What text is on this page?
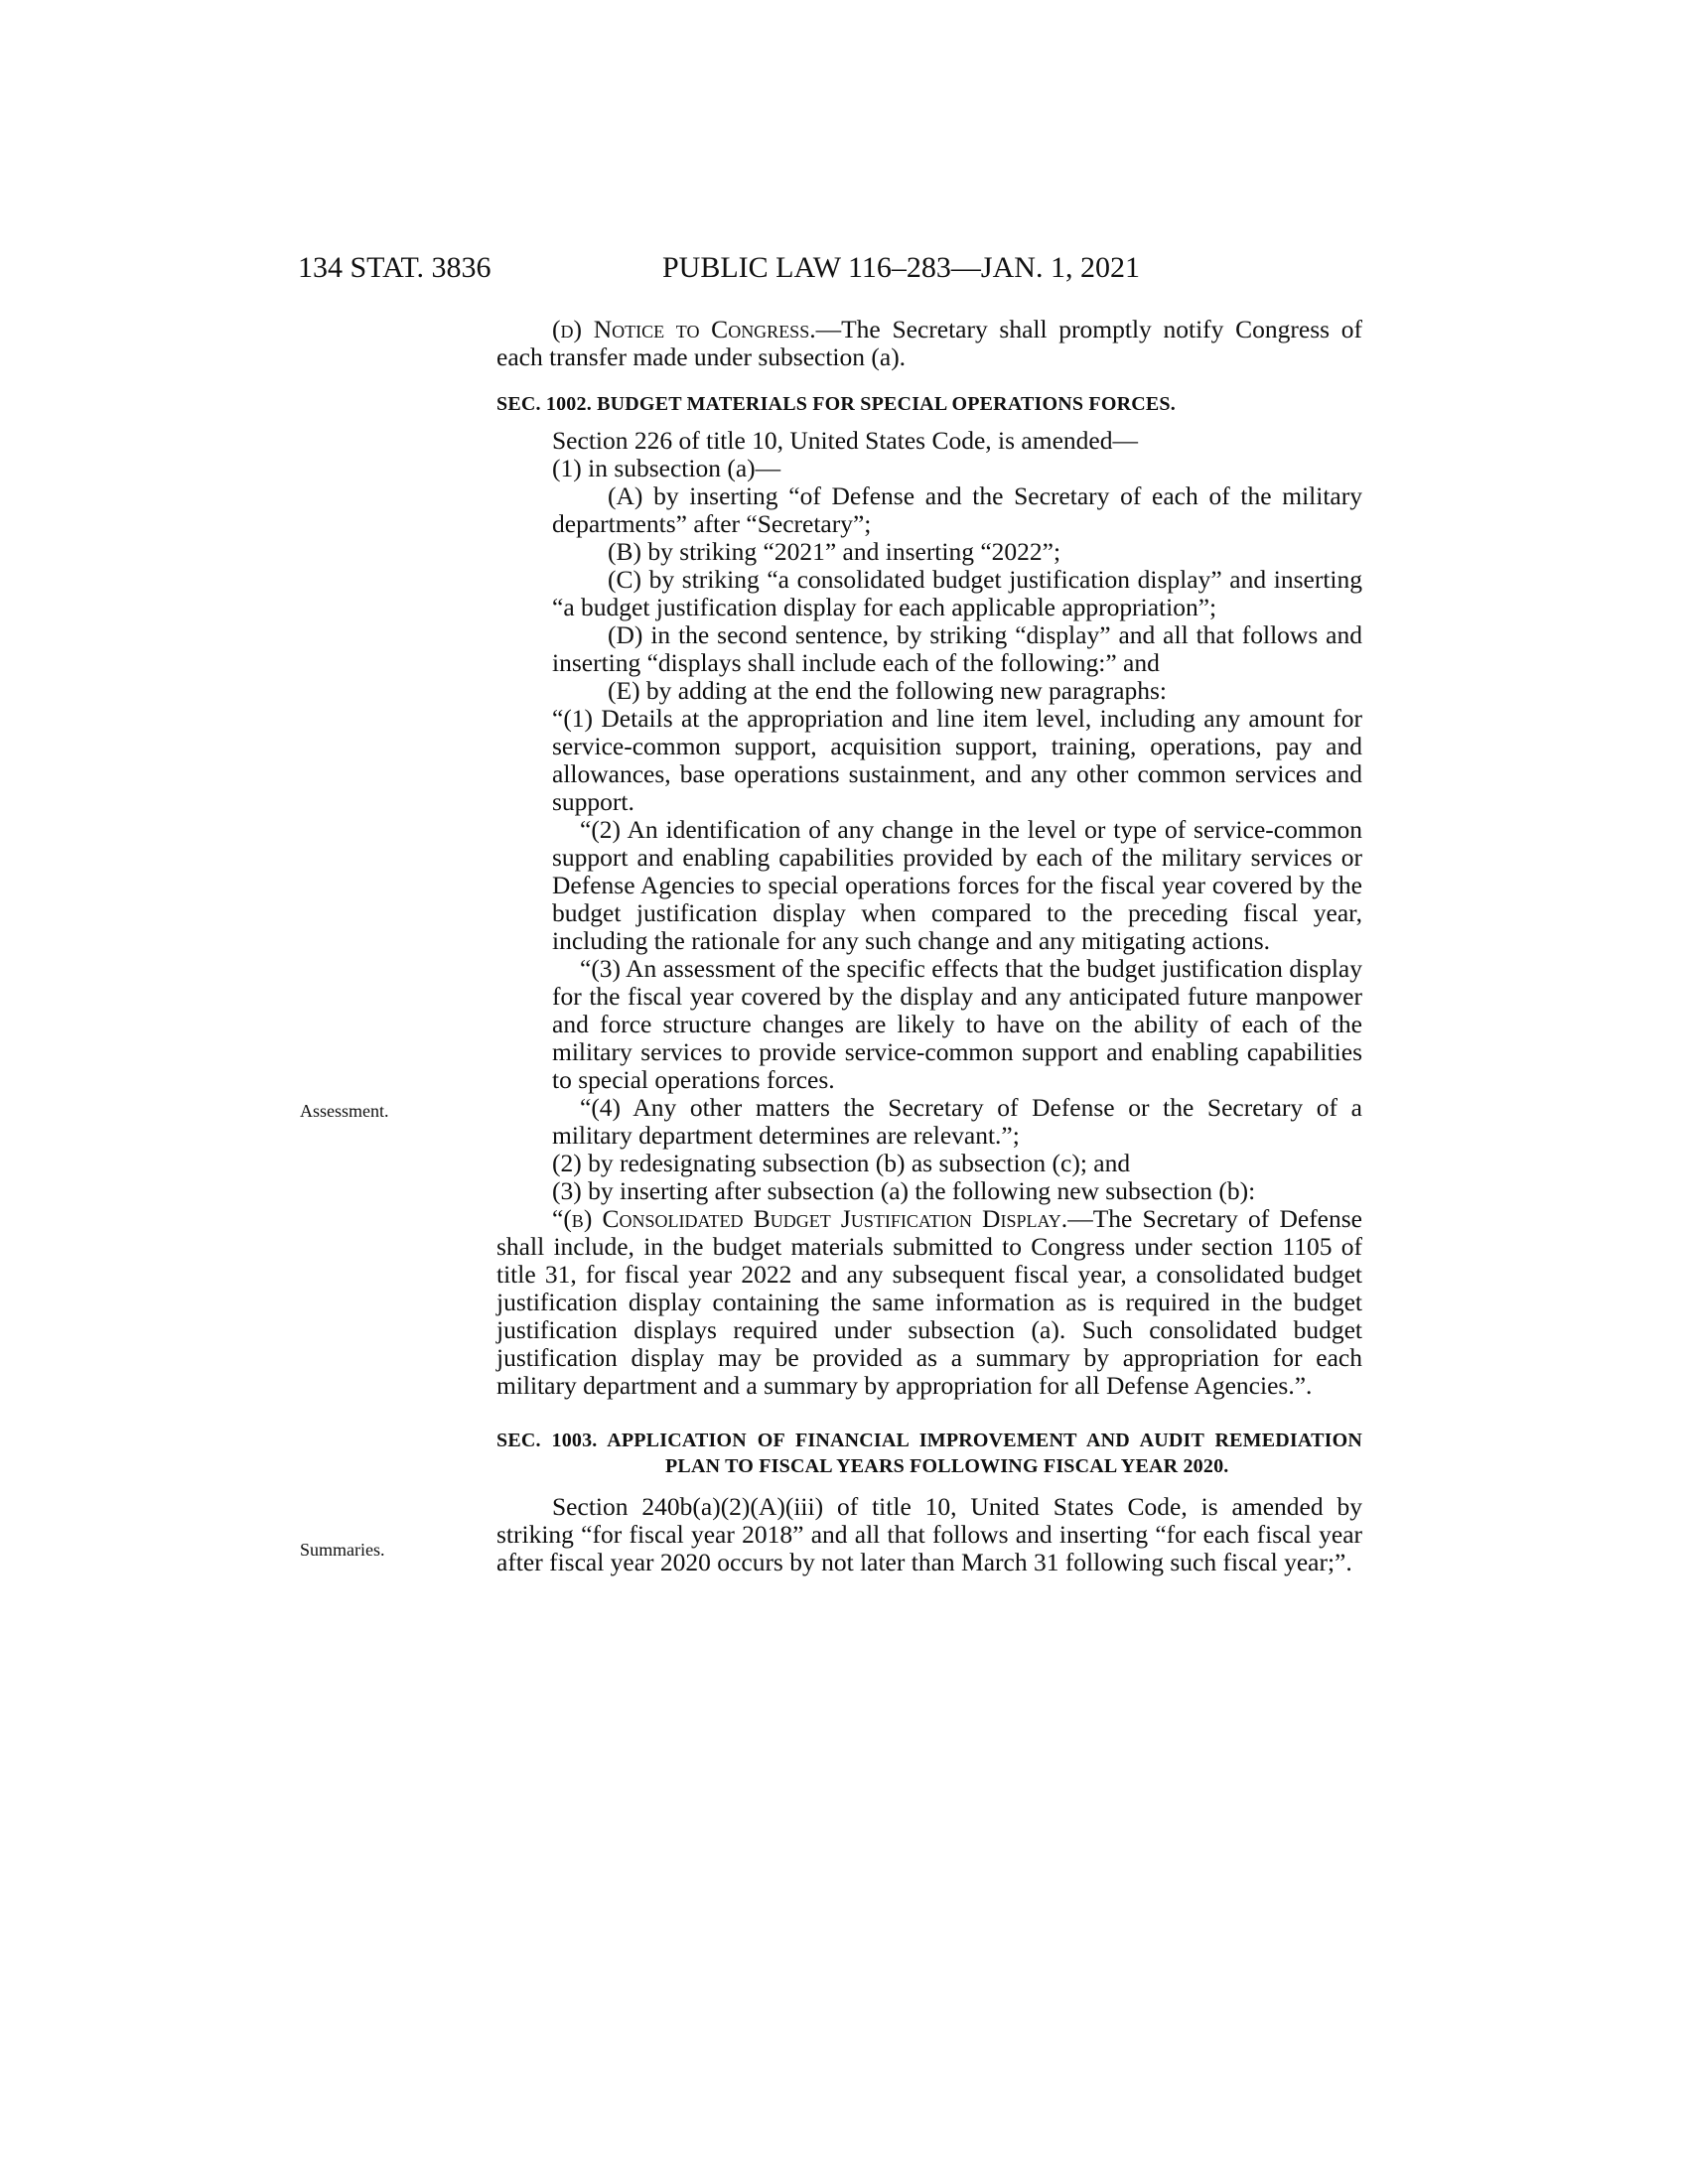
134 STAT. 3836	PUBLIC LAW 116–283—JAN. 1, 2021
Assessment.
Summaries.

(d) Notice to Congress.—The Secretary shall promptly notify Congress of each transfer made under subsection (a).

SEC. 1002. BUDGET MATERIALS FOR SPECIAL OPERATIONS FORCES.

Section 226 of title 10, United States Code, is amended—

(1) in subsection (a)—

(A) by inserting “of Defense and the Secretary of each of the military departments” after “Secretary”;

(B) by striking “2021” and inserting “2022”;

(C) by striking “a consolidated budget justification display” and inserting “a budget justification display for each applicable appropriation”;

(D) in the second sentence, by striking “display” and all that follows and inserting “displays shall include each of the following:” and

(E) by adding at the end the following new paragraphs:

“(1) Details at the appropriation and line item level, including any amount for service-common support, acquisition support, training, operations, pay and allowances, base operations sustainment, and any other common services and support.

“(2) An identification of any change in the level or type of service-common support and enabling capabilities provided by each of the military services or Defense Agencies to special operations forces for the fiscal year covered by the budget justification display when compared to the preceding fiscal year, including the rationale for any such change and any mitigating actions.

“(3) An assessment of the specific effects that the budget justification display for the fiscal year covered by the display and any anticipated future manpower and force structure changes are likely to have on the ability of each of the military services to provide service-common support and enabling capabilities to special operations forces.

“(4) Any other matters the Secretary of Defense or the Secretary of a military department determines are relevant.”;

(2) by redesignating subsection (b) as subsection (c); and

(3) by inserting after subsection (a) the following new subsection (b):

“(b) Consolidated Budget Justification Display.—The Secretary of Defense shall include, in the budget materials submitted to Congress under section 1105 of title 31, for fiscal year 2022 and any subsequent fiscal year, a consolidated budget justification display containing the same information as is required in the budget justification displays required under subsection (a). Such consolidated budget justification display may be provided as a summary by appropriation for each military department and a summary by appropriation for all Defense Agencies.”.

SEC. 1003. APPLICATION OF FINANCIAL IMPROVEMENT AND AUDIT REMEDIATION PLAN TO FISCAL YEARS FOLLOWING FISCAL YEAR 2020.

Section 240b(a)(2)(A)(iii) of title 10, United States Code, is amended by striking “for fiscal year 2018” and all that follows and inserting “for each fiscal year after fiscal year 2020 occurs by not later than March 31 following such fiscal year;”.
